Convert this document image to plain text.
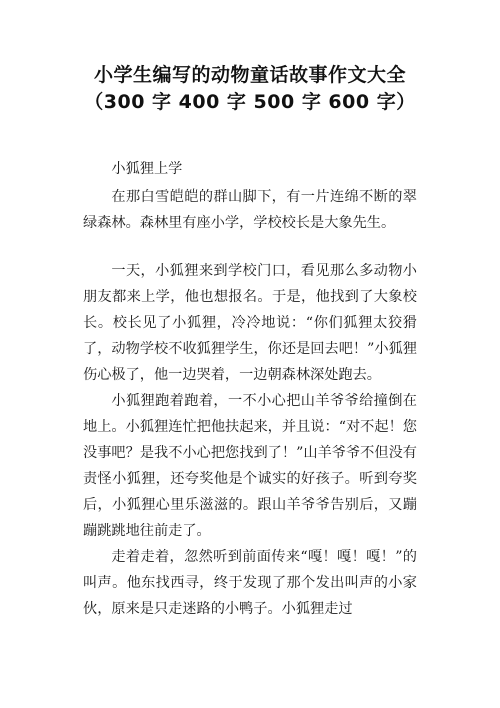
小学生编写的动物童话故事作文大全
（300 字 400 字 500 字 600 字）

小狐狸上学

在那白雪皑皑的群山脚下，有一片连绵不断的翠绿森林。森林里有座小学，学校校长是大象先生。

一天，小狐狸来到学校门口，看见那么多动物小朋友都来上学，他也想报名。于是，他找到了大象校长。校长见了小狐狸，冷冷地说：“你们狐狸太狡猾了，动物学校不收狐狸学生，你还是回去吧！”小狐狸伤心极了，他一边哭着，一边朝森林深处跑去。

小狐狸跑着跑着，一不小心把山羊爷爷给撞倒在地上。小狐狸连忙把他扶起来，并且说：“对不起！您没事吧？是我不小心把您找到了！”山羊爷爷不但没有责怪小狐狸，还夸奖他是个诚实的好孩子。听到夸奖后，小狐狸心里乐滋滋的。跟山羊爷爷告别后，又蹦蹦跳跳地往前走了。

走着走着，忽然听到前面传来“嘎！嘎！嘎！”的叫声。他东找西寻，终于发现了那个发出叫声的小家伙，原来是只走迷路的小鸭子。小狐狸走过
